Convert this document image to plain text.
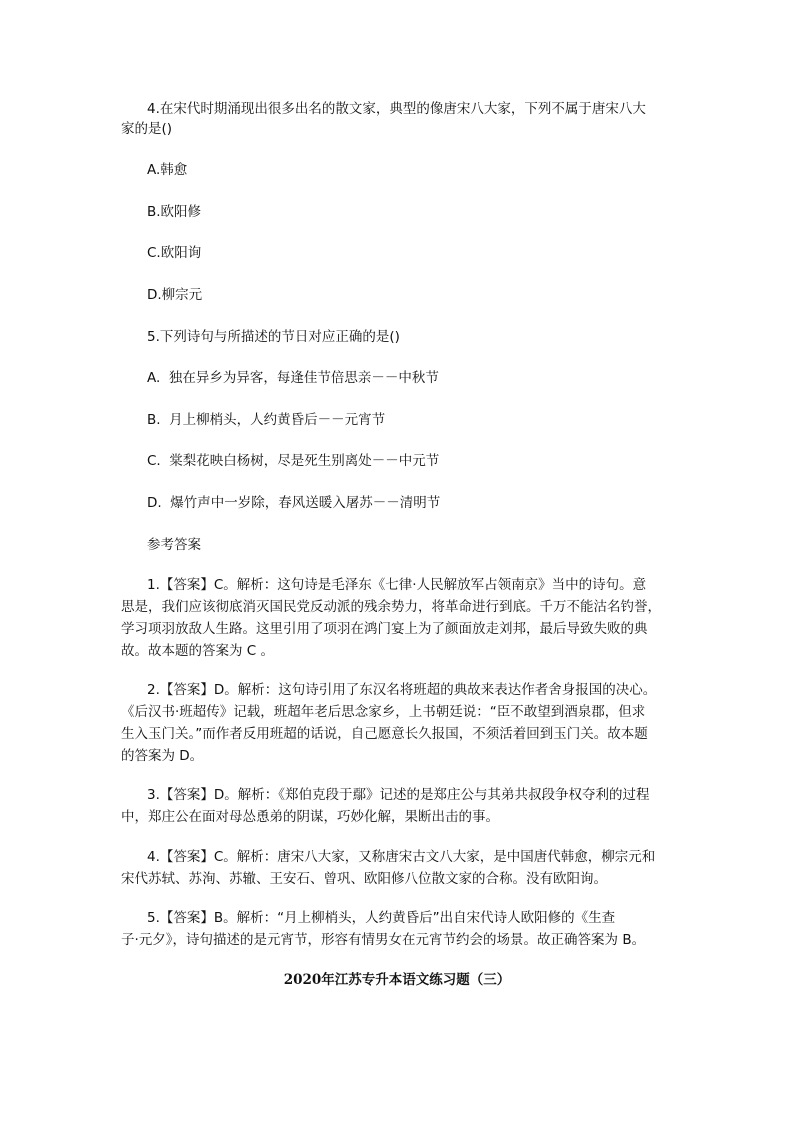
4.在宋代时期涌现出很多出名的散文家，典型的像唐宋八大家，下列不属于唐宋八大

家的是()

A.韩愈

B.欧阳修

C.欧阳询

D.柳宗元

5.下列诗句与所描述的节日对应正确的是()

A.  独在异乡为异客，每逢佳节倍思亲－－中秋节

B.  月上柳梢头，人约黄昏后－－元宵节

C.  棠梨花映白杨树，尽是死生别离处－－中元节

D.  爆竹声中一岁除，春风送暖入屠苏－－清明节

参考答案

1.【答案】C。解析：这句诗是毛泽东《七律·人民解放军占领南京》当中的诗句。意

思是，我们应该彻底消灭国民党反动派的残余势力，将革命进行到底。千万不能沽名钓誉，

学习项羽放敌人生路。这里引用了项羽在鸿门宴上为了颜面放走刘邦，最后导致失败的典

故。故本题的答案为 C 。

2.【答案】D。解析：这句诗引用了东汉名将班超的典故来表达作者舍身报国的决心。

《后汉书·班超传》记载，班超年老后思念家乡，上书朝廷说：“臣不敢望到酒泉郡，但求

生入玉门关。”而作者反用班超的话说，自己愿意长久报国，不须活着回到玉门关。故本题

的答案为 D。

3.【答案】D。解析：《郑伯克段于鄢》记述的是郑庄公与其弟共叔段争权夺利的过程

中，郑庄公在面对母怂恿弟的阴谋，巧妙化解，果断出击的事。

4.【答案】C。解析：唐宋八大家，又称唐宋古文八大家，是中国唐代韩愈，柳宗元和

宋代苏轼、苏洵、苏辙、王安石、曾巩、欧阳修八位散文家的合称。没有欧阳询。

5.【答案】B。解析：“月上柳梢头，人约黄昏后”出自宋代诗人欧阳修的《生查

子·元夕》，诗句描述的是元宵节，形容有情男女在元宵节约会的场景。故正确答案为 B。

2020年江苏专升本语文练习题（三）
